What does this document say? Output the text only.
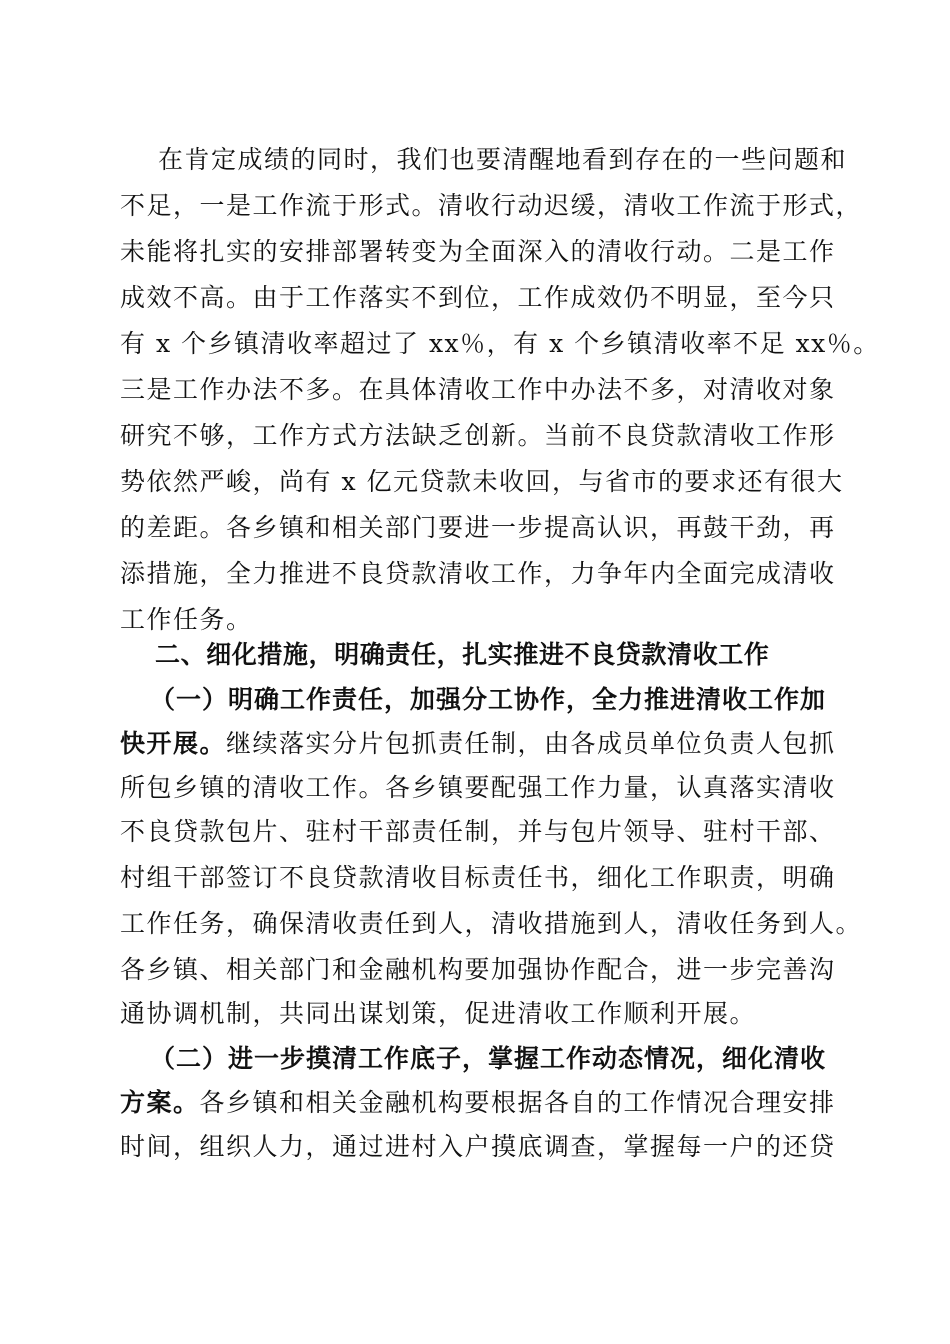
在肯定成绩的同时，我们也要清醒地看到存在的一些问题和

不足，一是工作流于形式。清收行动迟缓，清收工作流于形式，

未能将扎实的安排部署转变为全面深入的清收行动。二是工作

成效不高。由于工作落实不到位，工作成效仍不明显，至今只

有 x 个乡镇清收率超过了 xx％，有 x 个乡镇清收率不足 xx％。

三是工作办法不多。在具体清收工作中办法不多，对清收对象

研究不够，工作方式方法缺乏创新。当前不良贷款清收工作形

势依然严峻，尚有 x 亿元贷款未收回，与省市的要求还有很大

的差距。各乡镇和相关部门要进一步提高认识，再鼓干劲，再

添措施，全力推进不良贷款清收工作，力争年内全面完成清收

工作任务。

二、细化措施，明确责任，扎实推进不良贷款清收工作

（一）明确工作责任，加强分工协作，全力推进清收工作加

快开展。继续落实分片包抓责任制，由各成员单位负责人包抓

所包乡镇的清收工作。各乡镇要配强工作力量，认真落实清收

不良贷款包片、驻村干部责任制，并与包片领导、驻村干部、

村组干部签订不良贷款清收目标责任书，细化工作职责，明确

工作任务，确保清收责任到人，清收措施到人，清收任务到人。

各乡镇、相关部门和金融机构要加强协作配合，进一步完善沟

通协调机制，共同出谋划策，促进清收工作顺利开展。

（二）进一步摸清工作底子，掌握工作动态情况，细化清收

方案。各乡镇和相关金融机构要根据各自的工作情况合理安排

时间，组织人力，通过进村入户摸底调查，掌握每一户的还贷
